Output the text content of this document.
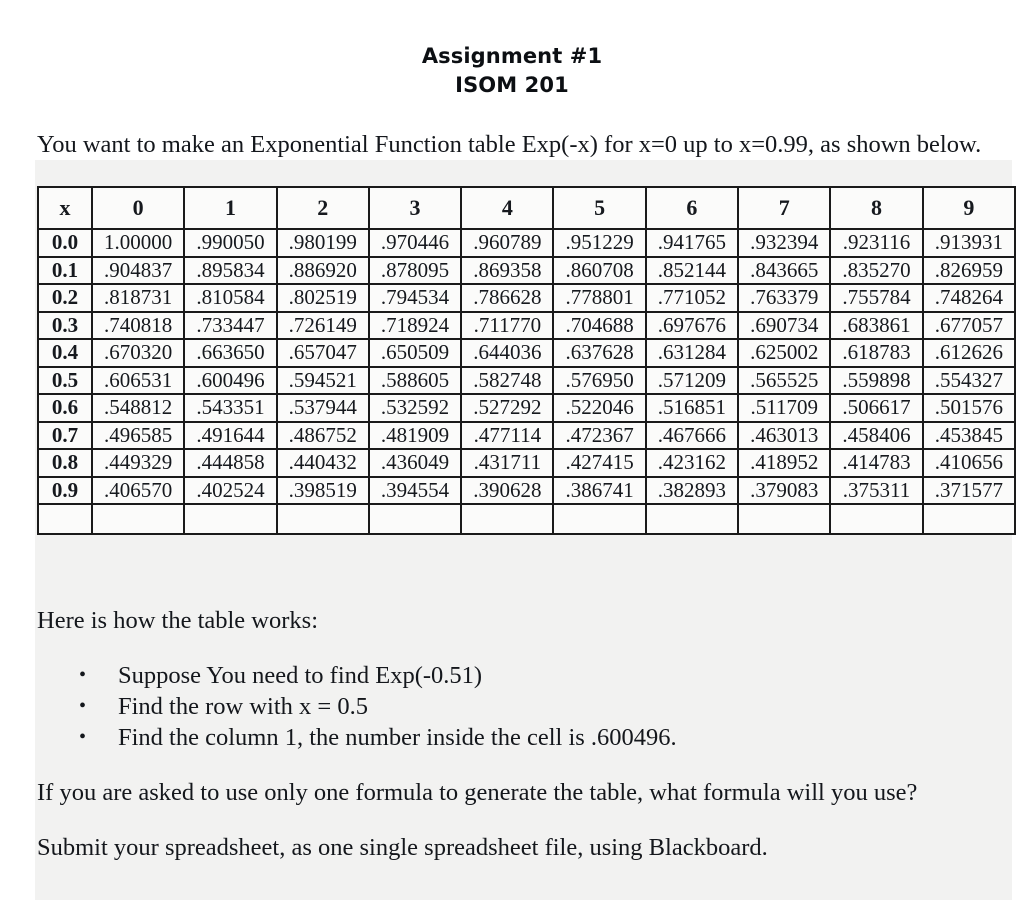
Assignment #1
ISOM 201
You want to make an Exponential Function table Exp(-x) for x=0 up to x=0.99, as shown below.
x	0	1	2	3	4	5	6	7	8	9
0.0	1.00000	.990050	.980199	.970446	.960789	.951229	.941765	.932394	.923116	.913931
0.1	.904837	.895834	.886920	.878095	.869358	.860708	.852144	.843665	.835270	.826959
0.2	.818731	.810584	.802519	.794534	.786628	.778801	.771052	.763379	.755784	.748264
0.3	.740818	.733447	.726149	.718924	.711770	.704688	.697676	.690734	.683861	.677057
0.4	.670320	.663650	.657047	.650509	.644036	.637628	.631284	.625002	.618783	.612626
0.5	.606531	.600496	.594521	.588605	.582748	.576950	.571209	.565525	.559898	.554327
0.6	.548812	.543351	.537944	.532592	.527292	.522046	.516851	.511709	.506617	.501576
0.7	.496585	.491644	.486752	.481909	.477114	.472367	.467666	.463013	.458406	.453845
0.8	.449329	.444858	.440432	.436049	.431711	.427415	.423162	.418952	.414783	.410656
0.9	.406570	.402524	.398519	.394554	.390628	.386741	.382893	.379083	.375311	.371577

Here is how the table works:
• Suppose You need to find Exp(-0.51)
• Find the row with x = 0.5
• Find the column 1, the number inside the cell is .600496.
If you are asked to use only one formula to generate the table, what formula will you use?
Submit your spreadsheet, as one single spreadsheet file, using Blackboard.
